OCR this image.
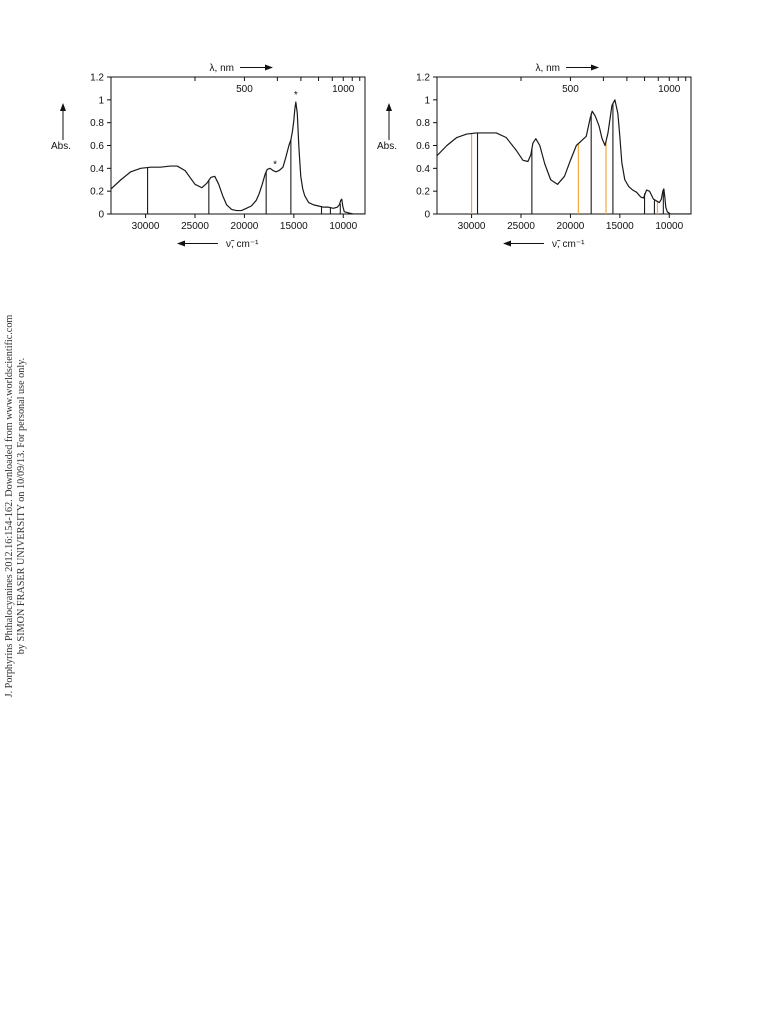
0
0.2
0.4
0.6
0.8
1
1.2
30000 25000 20000 15000 10000
500	1000
λ, nm
ν̃, cm⁻¹
Abs.
*
*
0
0.2
0.4
0.6
0.8
1
1.2
30000 25000 20000 15000 10000
500	1000
λ, nm
ν̃, cm⁻¹
Abs.
J. Porphyrins Phthalocyanines 2012.16:154-162. Downloaded from www.worldscientific.com by SIMON FRASER UNIVERSITY on 10/09/13. For personal use only.
